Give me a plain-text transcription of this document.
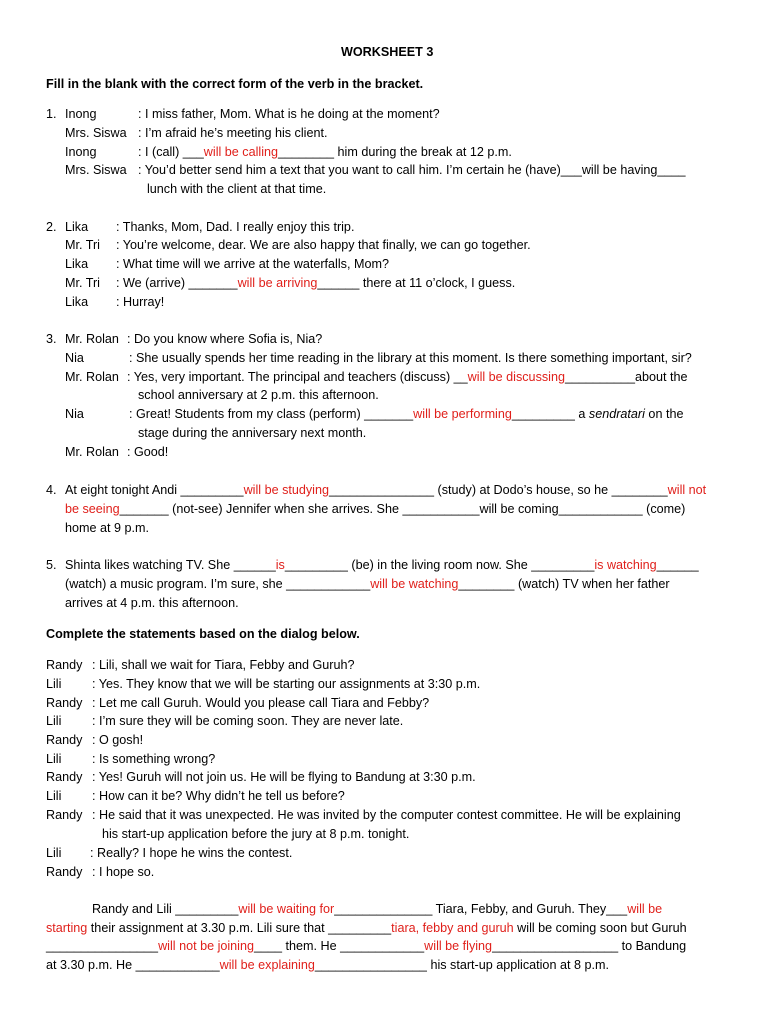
WORKSHEET 3
Fill in the blank with the correct form of the verb in the bracket.
1. Inong	: I miss father, Mom. What is he doing at the moment?
Mrs. Siswa : I’m afraid he’s meeting his client.
Inong	: I (call) ___will be calling________ him during the break at 12 p.m.
Mrs. Siswa : You’d better send him a text that you want to call him. I’m certain he (have)___will be having____
lunch with the client at that time.
2. Lika : Thanks, Mom, Dad. I really enjoy this trip.
Mr. Tri : You’re welcome, dear. We are also happy that finally, we can go together.
Lika : What time will we arrive at the waterfalls, Mom?
Mr. Tri : We (arrive) _______will be arriving______ there at 11 o’clock, I guess.
Lika : Hurray!
3. Mr. Rolan : Do you know where Sofia is, Nia?
Nia	: She usually spends her time reading in the library at this moment. Is there something important, sir?
Mr. Rolan : Yes, very important. The principal and teachers (discuss) __will be discussing__________about the
school anniversary at 2 p.m. this afternoon.
Nia	: Great! Students from my class (perform) _______will be performing_________ a sendratari on the
stage during the anniversary next month.
Mr. Rolan : Good!
4. At eight tonight Andi _________will be studying_______________ (study) at Dodo’s house, so he ________will not
be seeing_______ (not-see) Jennifer when she arrives. She ___________will be coming____________ (come)
home at 9 p.m.
5. Shinta likes watching TV. She ______is_________ (be) in the living room now. She _________is watching______
(watch) a music program. I’m sure, she ____________will be watching________ (watch) TV when her father
arrives at 4 p.m. this afternoon.
Complete the statements based on the dialog below.
Randy : Lili, shall we wait for Tiara, Febby and Guruh?
Lili : Yes. They know that we will be starting our assignments at 3:30 p.m.
Randy : Let me call Guruh. Would you please call Tiara and Febby?
Lili : I’m sure they will be coming soon. They are never late.
Randy : O gosh!
Lili : Is something wrong?
Randy : Yes! Guruh will not join us. He will be flying to Bandung at 3:30 p.m.
Lili : How can it be? Why didn’t he tell us before?
Randy : He said that it was unexpected. He was invited by the computer contest committee. He will be explaining
his start-up application before the jury at 8 p.m. tonight.
Lili : Really? I hope he wins the contest.
Randy : I hope so.
Randy and Lili _________will be waiting for______________ Tiara, Febby, and Guruh. They___will be
starting their assignment at 3.30 p.m. Lili sure that _________tiara, febby and guruh will be coming soon but Guruh
________________will not be joining____ them. He ____________will be flying__________________ to Bandung
at 3.30 p.m. He ____________will be explaining________________ his start-up application at 8 p.m.
